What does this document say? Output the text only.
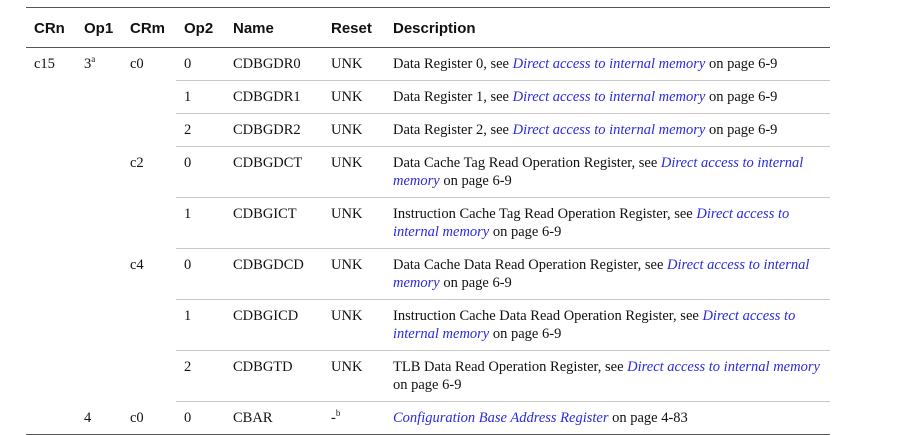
CRn	Op1	CRm	Op2	Name	Reset	Description
c15	3$^a$	c0	0	CDBGDR0	UNK	Data Register 0, see Direct access to internal memory on page 6-9
			1	CDBGDR1	UNK	Data Register 1, see Direct access to internal memory on page 6-9
			2	CDBGDR2	UNK	Data Register 2, see Direct access to internal memory on page 6-9
		c2	0	CDBGDCT	UNK	Data Cache Tag Read Operation Register, see Direct access to internal memory on page 6-9
			1	CDBGICT	UNK	Instruction Cache Tag Read Operation Register, see Direct access to internal memory on page 6-9
		c4	0	CDBGDCD	UNK	Data Cache Data Read Operation Register, see Direct access to internal memory on page 6-9
			1	CDBGICD	UNK	Instruction Cache Data Read Operation Register, see Direct access to internal memory on page 6-9
			2	CDBGTD	UNK	TLB Data Read Operation Register, see Direct access to internal memory on page 6-9
	4	c0	0	CBAR	-$^b$	Configuration Base Address Register on page 4-83
